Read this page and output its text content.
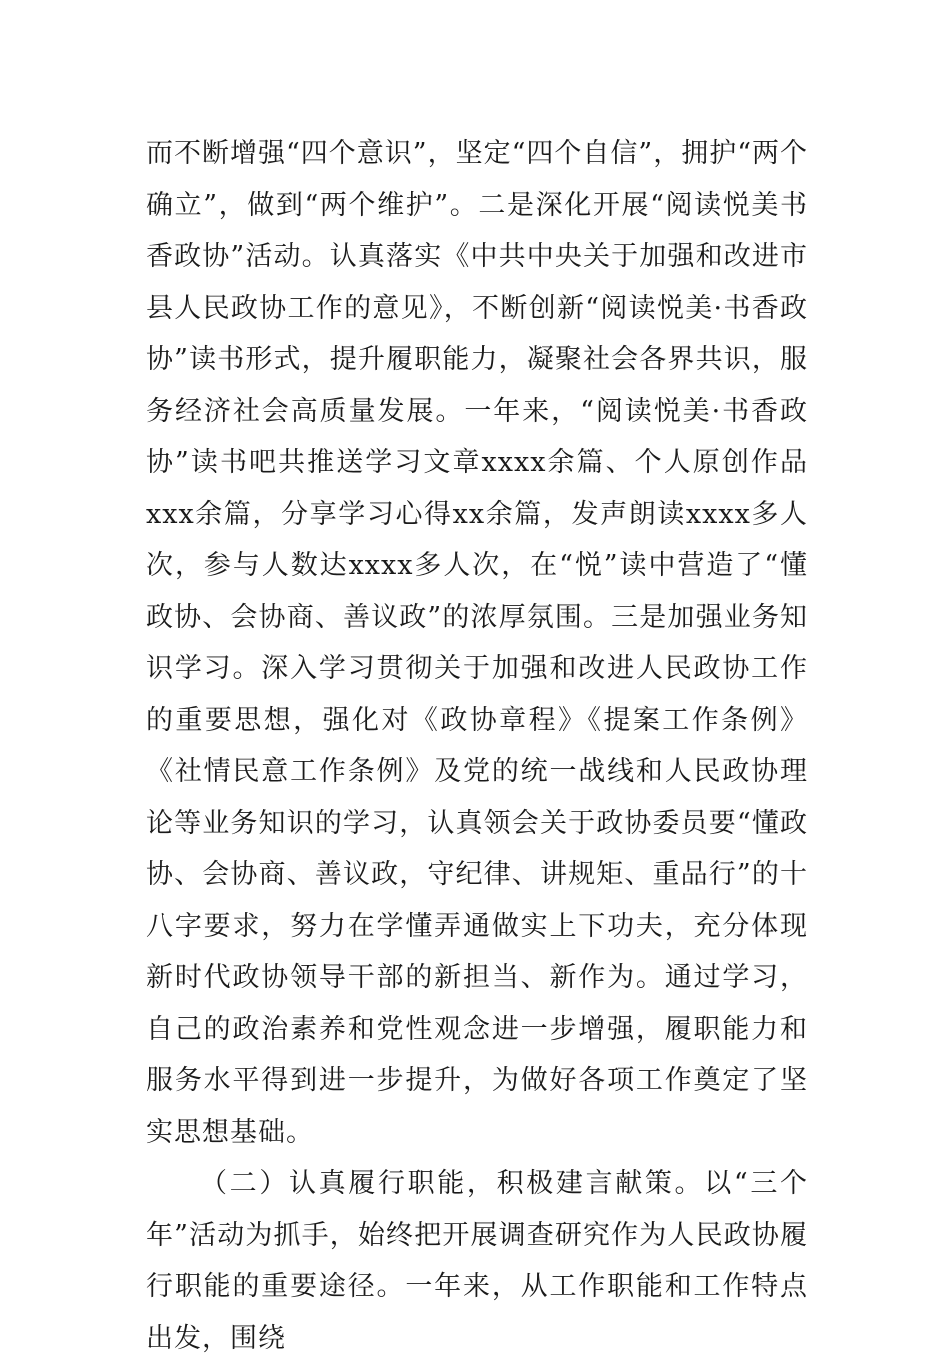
而不断增强“四个意识”，坚定“四个自信”，拥护“两个确立”，做到“两个维护”。二是深化开展“阅读悦美书香政协”活动。认真落实《中共中央关于加强和改进市县人民政协工作的意见》，不断创新“阅读悦美·书香政协”读书形式，提升履职能力，凝聚社会各界共识，服务经济社会高质量发展。一年来，“阅读悦美·书香政协”读书吧共推送学习文章xxxx余篇、个人原创作品xxx余篇，分享学习心得xx余篇，发声朗读xxxx多人次，参与人数达xxxx多人次，在“悦”读中营造了“懂政协、会协商、善议政”的浓厚氛围。三是加强业务知识学习。深入学习贯彻关于加强和改进人民政协工作的重要思想，强化对《政协章程》《提案工作条例》《社情民意工作条例》及党的统一战线和人民政协理论等业务知识的学习，认真领会关于政协委员要“懂政协、会协商、善议政，守纪律、讲规矩、重品行”的十八字要求，努力在学懂弄通做实上下功夫，充分体现新时代政协领导干部的新担当、新作为。通过学习，自己的政治素养和党性观念进一步增强，履职能力和服务水平得到进一步提升，为做好各项工作奠定了坚实思想基础。

（二）认真履行职能，积极建言献策。以“三个年”活动为抓手，始终把开展调查研究作为人民政协履行职能的重要途径。一年来，从工作职能和工作特点出发，围绕
